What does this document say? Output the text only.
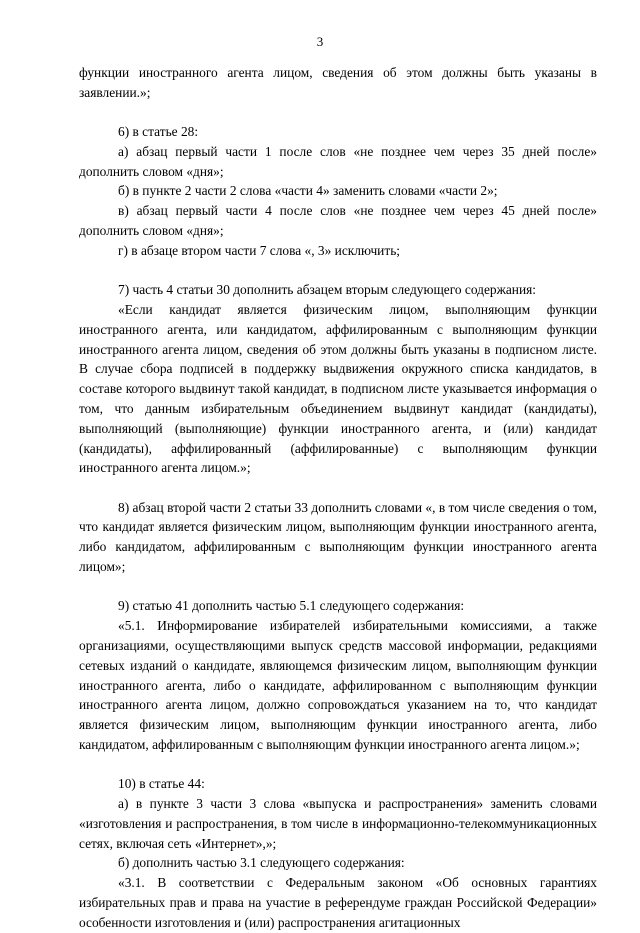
3

функции иностранного агента лицом, сведения об этом должны быть указаны в заявлении.»;

6) в статье 28:

а) абзац первый части 1 после слов «не позднее чем через 35 дней после» дополнить словом «дня»;

б) в пункте 2 части 2 слова «части 4» заменить словами «части 2»;

в) абзац первый части 4 после слов «не позднее чем через 45 дней после» дополнить словом «дня»;

г) в абзаце втором части 7 слова «, 3» исключить;

7) часть 4 статьи 30 дополнить абзацем вторым следующего содержания:

«Если кандидат является физическим лицом, выполняющим функции иностранного агента, или кандидатом, аффилированным с выполняющим функции иностранного агента лицом, сведения об этом должны быть указаны в подписном листе. В случае сбора подписей в поддержку выдвижения окружного списка кандидатов, в составе которого выдвинут такой кандидат, в подписном листе указывается информация о том, что данным избирательным объединением выдвинут кандидат (кандидаты), выполняющий (выполняющие) функции иностранного агента, и (или) кандидат (кандидаты), аффилированный (аффилированные) с выполняющим функции иностранного агента лицом.»;

8) абзац второй части 2 статьи 33 дополнить словами «, в том числе сведения о том, что кандидат является физическим лицом, выполняющим функции иностранного агента, либо кандидатом, аффилированным с выполняющим функции иностранного агента лицом»;

9) статью 41 дополнить частью 5.1 следующего содержания:

«5.1. Информирование избирателей избирательными комиссиями, а также организациями, осуществляющими выпуск средств массовой информации, редакциями сетевых изданий о кандидате, являющемся физическим лицом, выполняющим функции иностранного агента, либо о кандидате, аффилированном с выполняющим функции иностранного агента лицом, должно сопровождаться указанием на то, что кандидат является физическим лицом, выполняющим функции иностранного агента, либо кандидатом, аффилированным с выполняющим функции иностранного агента лицом.»;

10) в статье 44:

а) в пункте 3 части 3 слова «выпуска и распространения» заменить словами «изготовления и распространения, в том числе в информационно-телекоммуникационных сетях, включая сеть «Интернет»,»;

б) дополнить частью 3.1 следующего содержания:

«3.1. В соответствии с Федеральным законом «Об основных гарантиях избирательных прав и права на участие в референдуме граждан Российской Федерации» особенности изготовления и (или) распространения агитационных
